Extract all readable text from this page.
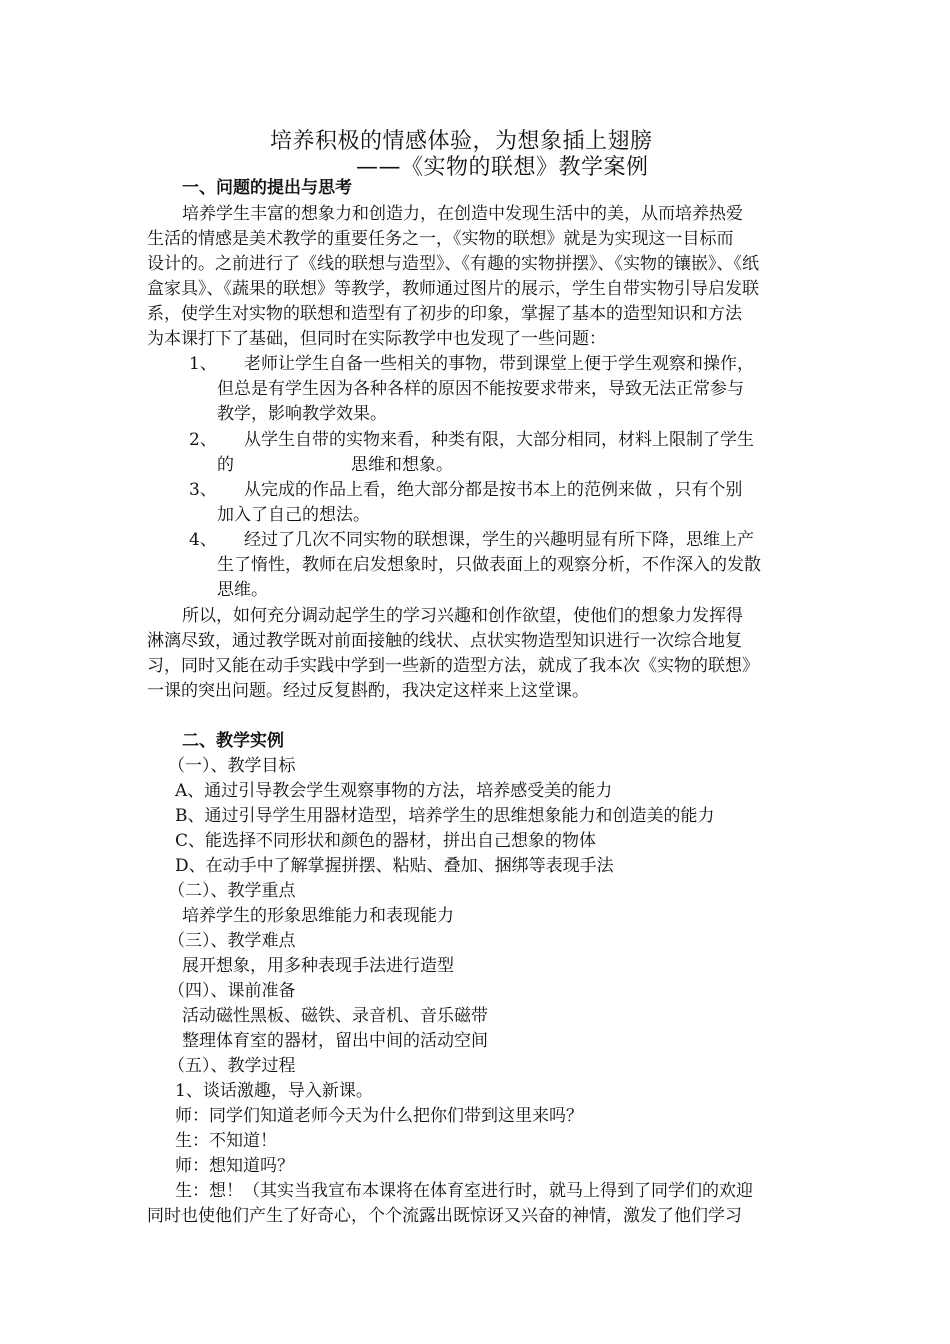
培养积极的情感体验，为想象插上翅膀
——《实物的联想》教学案例
一、问题的提出与思考
培养学生丰富的想象力和创造力，在创造中发现生活中的美，从而培养热爱
生活的情感是美术教学的重要任务之一，《实物的联想》就是为实现这一目标而
设计的。之前进行了《线的联想与造型》、《有趣的实物拼摆》、《实物的镶嵌》、《纸
盒家具》、《蔬果的联想》等教学，教师通过图片的展示，学生自带实物引导启发联
系，使学生对实物的联想和造型有了初步的印象，掌握了基本的造型知识和方法
为本课打下了基础，但同时在实际教学中也发现了一些问题：
1、 老师让学生自备一些相关的事物，带到课堂上便于学生观察和操作，
但总是有学生因为各种各样的原因不能按要求带来，导致无法正常参与
教学，影响教学效果。
2、 从学生自带的实物来看，种类有限，大部分相同，材料上限制了学生
的	思维和想象。
3、 从完成的作品上看，绝大部分都是按书本上的范例来做 ，只有个别
加入了自己的想法。
4、 经过了几次不同实物的联想课，学生的兴趣明显有所下降，思维上产
生了惰性，教师在启发想象时，只做表面上的观察分析，不作深入的发散
思维。
所以，如何充分调动起学生的学习兴趣和创作欲望，使他们的想象力发挥得
淋漓尽致，通过教学既对前面接触的线状、点状实物造型知识进行一次综合地复
习，同时又能在动手实践中学到一些新的造型方法，就成了我本次《实物的联想》
一课的突出问题。经过反复斟酌，我决定这样来上这堂课。
二、教学实例
（一）、教学目标
A、通过引导教会学生观察事物的方法，培养感受美的能力
B、通过引导学生用器材造型，培养学生的思维想象能力和创造美的能力
C、能选择不同形状和颜色的器材，拼出自己想象的物体
D、在动手中了解掌握拼摆、粘贴、叠加、捆绑等表现手法
（二）、教学重点
培养学生的形象思维能力和表现能力
（三）、教学难点
展开想象，用多种表现手法进行造型
（四）、课前准备
活动磁性黑板、磁铁、录音机、音乐磁带
整理体育室的器材，留出中间的活动空间
（五）、教学过程
1、谈话激趣，导入新课。
师：同学们知道老师今天为什么把你们带到这里来吗？
生：不知道！
师：想知道吗？
生：想！（其实当我宣布本课将在体育室进行时，就马上得到了同学们的欢迎
同时也使他们产生了好奇心，个个流露出既惊讶又兴奋的神情，激发了他们学习
